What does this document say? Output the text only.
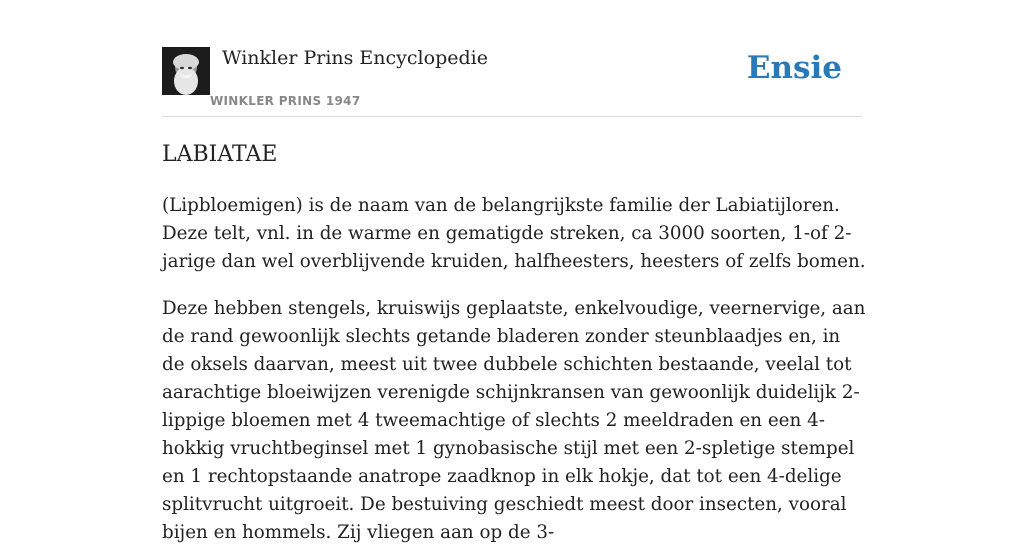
Winkler Prins Encyclopedie
WINKLER PRINS 1947
Ensie
LABIATAE

(Lipbloemigen) is de naam van de belangrijkste familie der Labiatijloren. Deze telt, vnl. in de warme en gematigde streken, ca 3000 soorten, 1-of 2-jarige dan wel overblijvende kruiden, halfheesters, heesters of zelfs bomen.

Deze hebben stengels, kruiswijs geplaatste, enkelvoudige, veernervige, aan de rand gewoonlijk slechts getande bladeren zonder steunblaadjes en, in de oksels daarvan, meest uit twee dubbele schichten bestaande, veelal tot aarachtige bloeiwijzen verenigde schijnkransen van gewoonlijk duidelijk 2-lippige bloemen met 4 tweemachtige of slechts 2 meeldraden en een 4-hokkig vruchtbeginsel met 1 gynobasische stijl met een 2-spletige stempel en 1 rechtopstaande anatrope zaadknop in elk hokje, dat tot een 4-delige splitvrucht uitgroeit. De bestuiving geschiedt meest door insecten, vooral bijen en hommels. Zij vliegen aan op de 3-
